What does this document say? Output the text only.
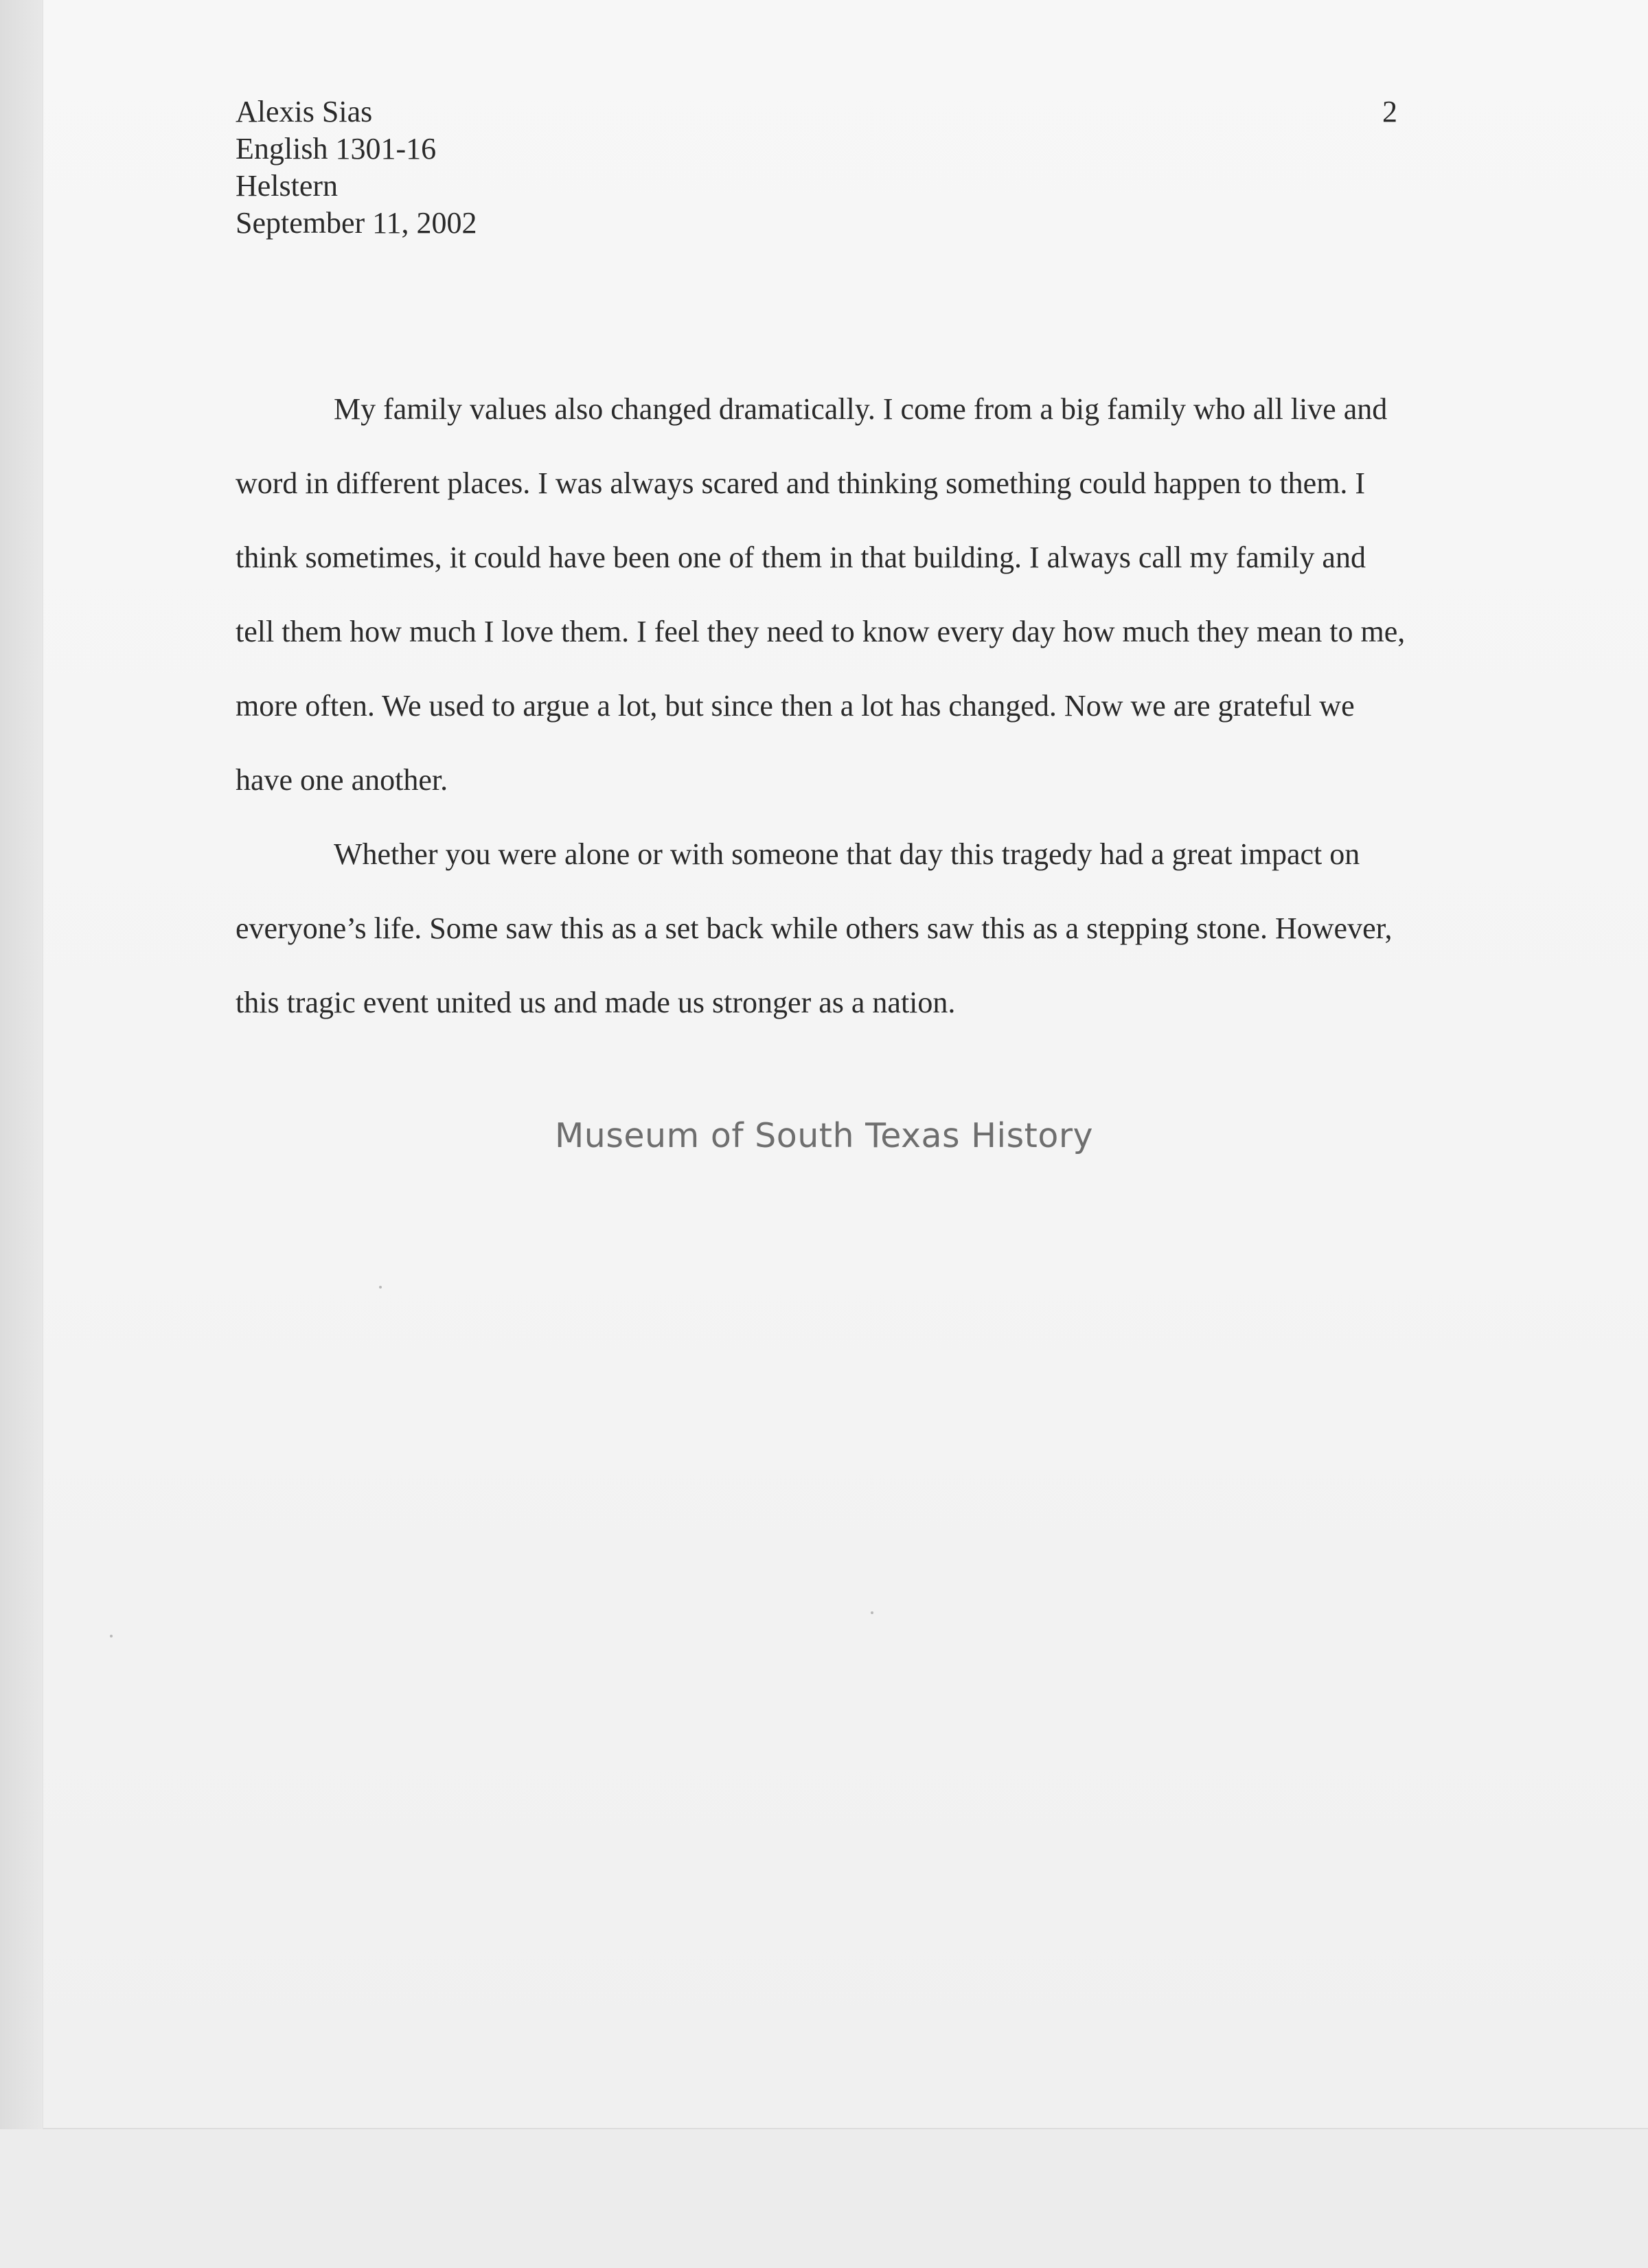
Alexis Sias
English 1301-16
Helstern
September 11, 2002
2
My family values also changed dramatically. I come from a big family who all live and
word in different places. I was always scared and thinking something could happen to them. I
think sometimes, it could have been one of them in that building. I always call my family and
tell them how much I love them. I feel they need to know every day how much they mean to me,
more often. We used to argue a lot, but since then a lot has changed. Now we are grateful we
have one another.
Whether you were alone or with someone that day this tragedy had a great impact on
everyone’s life. Some saw this as a set back while others saw this as a stepping stone. However,
this tragic event united us and made us stronger as a nation.
Museum of South Texas History
